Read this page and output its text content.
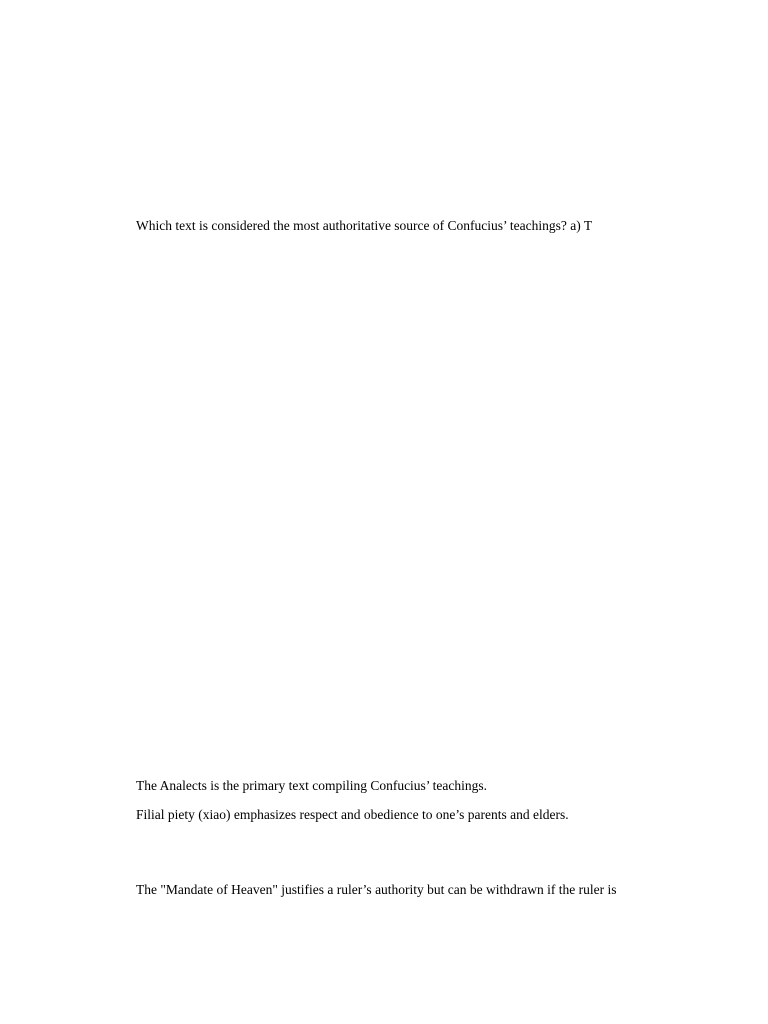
Which text is considered the most authoritative source of Confucius’ teachings? a) T

The Analects is the primary text compiling Confucius’ teachings.

Filial piety (xiao) emphasizes respect and obedience to one’s parents and elders.

The "Mandate of Heaven" justifies a ruler’s authority but can be withdrawn if the ruler is
